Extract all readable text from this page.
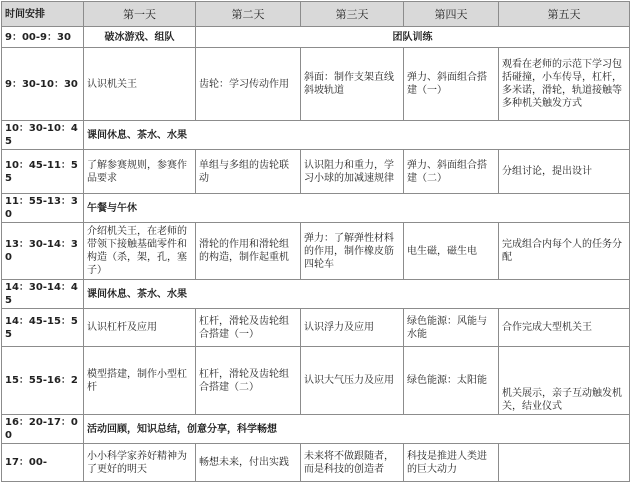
时间安排	第一天	第二天	第三天	第四天	第五天
9：00-9：30	破冰游戏、组队	团队训练			
9：30-10：30	认识机关王	齿轮：学习传动作用	斜面：制作支架直线斜坡轨道	弹力、斜面组合搭建（一）	观看在老师的示范下学习包括碰撞，小车传导，杠杆，多米诺，滑轮，轨道接触等多种机关触发方式
10：30-10：45	课间休息、茶水、水果				
10：45-11：55	了解参赛规则，参赛作品要求	单组与多组的齿轮联动	认识阻力和重力，学习小球的加减速规律	弹力、斜面组合搭建（二）	分组讨论，提出设计
11：55-13：30	午餐与午休				
13：30-14：30	介绍机关王，在老师的带领下接触基础零件和构造（杀，架，孔，塞子）	滑轮的作用和滑轮组的构造，制作起重机	弹力：了解弹性材料的作用，制作橡皮筋四轮车	电生磁，磁生电	完成组合内每个人的任务分配
14：30-14：45	课间休息、茶水、水果				
14：45-15：55	认识杠杆及应用	杠杆，滑轮及齿轮组合搭建（一）	认识浮力及应用	绿色能源：风能与水能	合作完成大型机关王
15：55-16：2	模型搭建，制作小型杠杆	杠杆，滑轮及齿轮组合搭建（二）	认识大气压力及应用	绿色能源：太阳能	机关展示，亲子互动触发机关，结业仪式
16：20-17：00	活动回顾，知识总结，创意分享，科学畅想				
17：00-	小小科学家养好精神为了更好的明天	畅想未来，付出实践	未来将不做跟随者，而是科技的创造者	科技是推进人类进的巨大动力	
